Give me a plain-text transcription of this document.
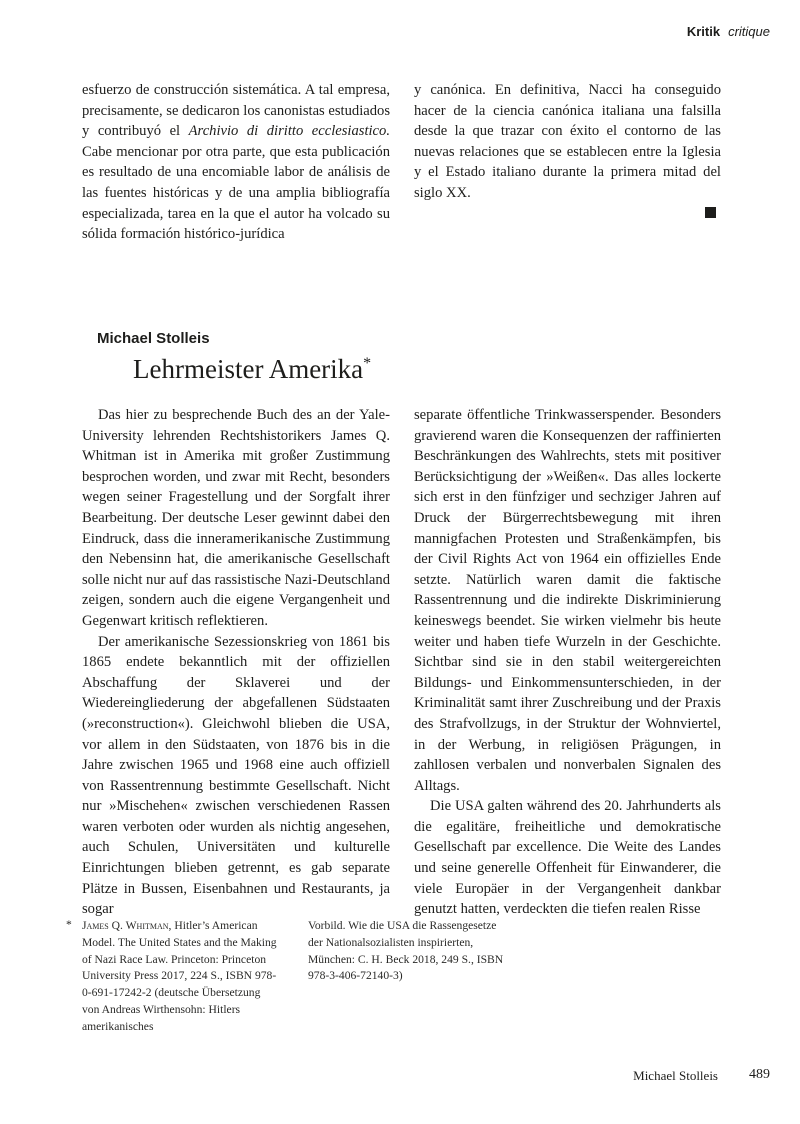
Kritik critique

esfuerzo de construcción sistemática. A tal empresa, precisamente, se dedicaron los canonistas estudiados y contribuyó el Archivio di diritto ecclesiastico. Cabe mencionar por otra parte, que esta publicación es resultado de una encomiable labor de análisis de las fuentes históricas y de una amplia bibliografía especializada, tarea en la que el autor ha volcado su sólida formación histórico-jurídica

y canónica. En definitiva, Nacci ha conseguido hacer de la ciencia canónica italiana una falsilla desde la que trazar con éxito el contorno de las nuevas relaciones que se establecen entre la Iglesia y el Estado italiano durante la primera mitad del siglo XX.

Michael Stolleis
Lehrmeister Amerika*

Das hier zu besprechende Buch des an der Yale-University lehrenden Rechtshistorikers James Q. Whitman ist in Amerika mit großer Zustimmung besprochen worden, und zwar mit Recht, besonders wegen seiner Fragestellung und der Sorgfalt ihrer Bearbeitung. Der deutsche Leser gewinnt dabei den Eindruck, dass die inneramerikanische Zustimmung den Nebensinn hat, die amerikanische Gesellschaft solle nicht nur auf das rassistische Nazi-Deutschland zeigen, sondern auch die eigene Vergangenheit und Gegenwart kritisch reflektieren.

Der amerikanische Sezessionskrieg von 1861 bis 1865 endete bekanntlich mit der offiziellen Abschaffung der Sklaverei und der Wiedereingliederung der abgefallenen Südstaaten (»reconstruction«). Gleichwohl blieben die USA, vor allem in den Südstaaten, von 1876 bis in die Jahre zwischen 1965 und 1968 eine auch offiziell von Rassentrennung bestimmte Gesellschaft. Nicht nur »Mischehen« zwischen verschiedenen Rassen waren verboten oder wurden als nichtig angesehen, auch Schulen, Universitäten und kulturelle Einrichtungen blieben getrennt, es gab separate Plätze in Bussen, Eisenbahnen und Restaurants, ja sogar

separate öffentliche Trinkwasserspender. Besonders gravierend waren die Konsequenzen der raffinierten Beschränkungen des Wahlrechts, stets mit positiver Berücksichtigung der »Weißen«. Das alles lockerte sich erst in den fünfziger und sechziger Jahren auf Druck der Bürgerrechtsbewegung mit ihren mannigfachen Protesten und Straßenkämpfen, bis der Civil Rights Act von 1964 ein offizielles Ende setzte. Natürlich waren damit die faktische Rassentrennung und die indirekte Diskriminierung keineswegs beendet. Sie wirken vielmehr bis heute weiter und haben tiefe Wurzeln in der Geschichte. Sichtbar sind sie in den stabil weitergereichten Bildungs- und Einkommensunterschieden, in der Kriminalität samt ihrer Zuschreibung und der Praxis des Strafvollzugs, in der Struktur der Wohnviertel, in der Werbung, in religiösen Prägungen, in zahllosen verbalen und nonverbalen Signalen des Alltags.

Die USA galten während des 20. Jahrhunderts als die egalitäre, freiheitliche und demokratische Gesellschaft par excellence. Die Weite des Landes und seine generelle Offenheit für Einwanderer, die viele Europäer in der Vergangenheit dankbar genutzt hatten, verdeckten die tiefen realen Risse

* James Q. Whitman, Hitler’s American Model. The United States and the Making of Nazi Race Law. Princeton: Princeton University Press 2017, 224 S., ISBN 978-0-691-17242-2 (deutsche Übersetzung von Andreas Wirthensohn: Hitlers amerikanisches

Vorbild. Wie die USA die Rassengesetze der Nationalsozialisten inspirierten, München: C. H. Beck 2018, 249 S., ISBN 978-3-406-72140-3)

Michael Stolleis 489
